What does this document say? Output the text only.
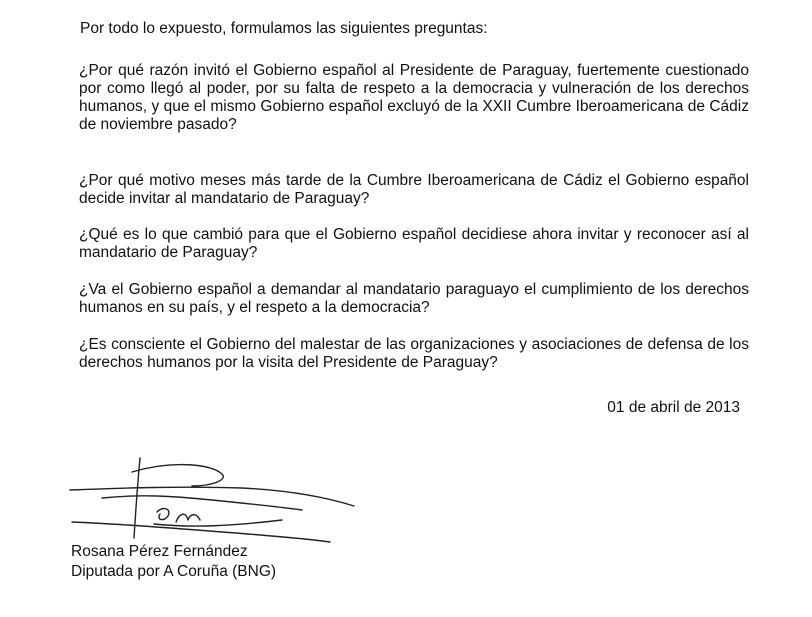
Por todo lo expuesto, formulamos las siguientes preguntas:

¿Por qué razón invitó el Gobierno español al Presidente de Paraguay, fuertemente cuestionado por como llegó al poder, por su falta de respeto a la democracia y vulneración de los derechos humanos, y que el mismo Gobierno español excluyó de la XXII Cumbre Iberoamericana de Cádiz de noviembre pasado?

¿Por qué motivo meses más tarde de la Cumbre Iberoamericana de Cádiz el Gobierno español decide invitar al mandatario de Paraguay?

¿Qué es lo que cambió para que el Gobierno español decidiese ahora invitar y reconocer así al mandatario de Paraguay?

¿Va el Gobierno español a demandar al mandatario paraguayo el cumplimiento de los derechos humanos en su país, y el respeto a la democracia?

¿Es consciente el Gobierno del malestar de las organizaciones y asociaciones de defensa de los derechos humanos por la visita del Presidente de Paraguay?

01 de abril de 2013
Rosana Pérez Fernández
Diputada por A Coruña (BNG)
